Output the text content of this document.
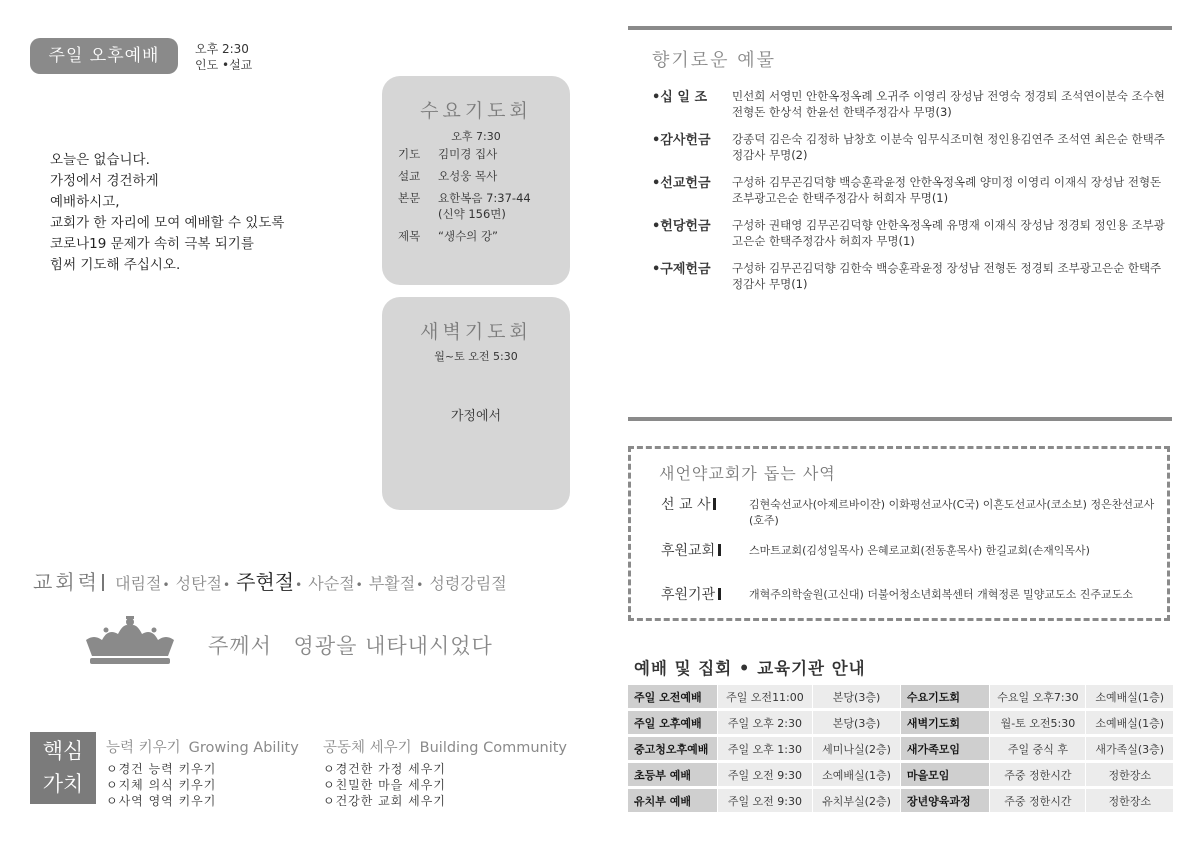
주일 오후예배	오후 2:30
인도 •설교
오늘은 없습니다.
가정에서 경건하게
예배하시고,
교회가 한 자리에 모여 예배할 수 있도록
코로나19 문제가 속히 극복 되기를
힘써 기도해 주십시오.
수요기도회
오후 7:30
기도	김미경 집사
설교	오성웅 목사
본문	요한복음 7:37-44
(신약 156면)
제목	“생수의 강”
새벽기도회
월~토 오전 5:30
가정에서
교회력 대림절• 성탄절• 주현절• 사순절• 부활절• 성령강림절
주께서 영광을 내타내시었다
핵심
가치
능력 키우기 Growing Ability
ㅇ경건 능력 키우기
ㅇ지체 의식 키우기
ㅇ사역 영역 키우기
공동체 세우기 Building Community
ㅇ경건한 가정 세우기
ㅇ친밀한 마을 세우기
ㅇ건강한 교회 세우기
향기로운 예물
•십 일 조	민선희 서영민 안한옥정옥례 오귀주 이영리 장성남 전영숙 정경퇴 조석연이분숙 조수현 전형돈 한상석 한윤선 한택주정감사 무명(3)
•감사헌금	강종덕 김은숙 김정하 남창호 이분숙 임무식조미현 정인용김연주 조석연 최은순 한택주정감사 무명(2)
•선교헌금	구성하 김무곤김덕향 백승훈곽윤정 안한옥정옥례 양미정 이영리 이재식 장성남 전형돈 조부광고은순 한택주정감사 허희자 무명(1)
•헌당헌금	구성하 권태영 김무곤김덕향 안한옥정옥례 유명재 이재식 장성남 정경퇴 정인용 조부광고은순 한택주정감사 허희자 무명(1)
•구제헌금	구성하 김무곤김덕향 김한숙 백승훈곽윤정 장성남 전형돈 정경퇴 조부광고은순 한택주정감사 무명(1)
새언약교회가 돕는 사역
선 교 사	김현숙선교사(아제르바이잔) 이화평선교사(C국) 이흔도선교사(코소보) 정은찬선교사(호주)
후원교회	스마트교회(김성일목사) 은혜로교회(전동훈목사) 한길교회(손재익목사)
후원기관	개혁주의학술원(고신대) 더불어청소년회복센터 개혁정론 밀양교도소 진주교도소
예배 및 집회 • 교육기관 안내
주일 오전예배	주일 오전11:00	본당(3층)	수요기도회	수요일 오후7:30	소예배실(1층)
주일 오후예배	주일 오후 2:30	본당(3층)	새벽기도회	월-토 오전5:30	소예배실(1층)
중고청오후예배	주일 오후 1:30	세미나실(2층)	새가족모임	주일 중식 후	새가족실(3층)
초등부 예배	주일 오전 9:30	소예배실(1층)	마을모임	주중 정한시간	정한장소
유치부 예배	주일 오전 9:30	유치부실(2층)	장년양육과정	주중 정한시간	정한장소
